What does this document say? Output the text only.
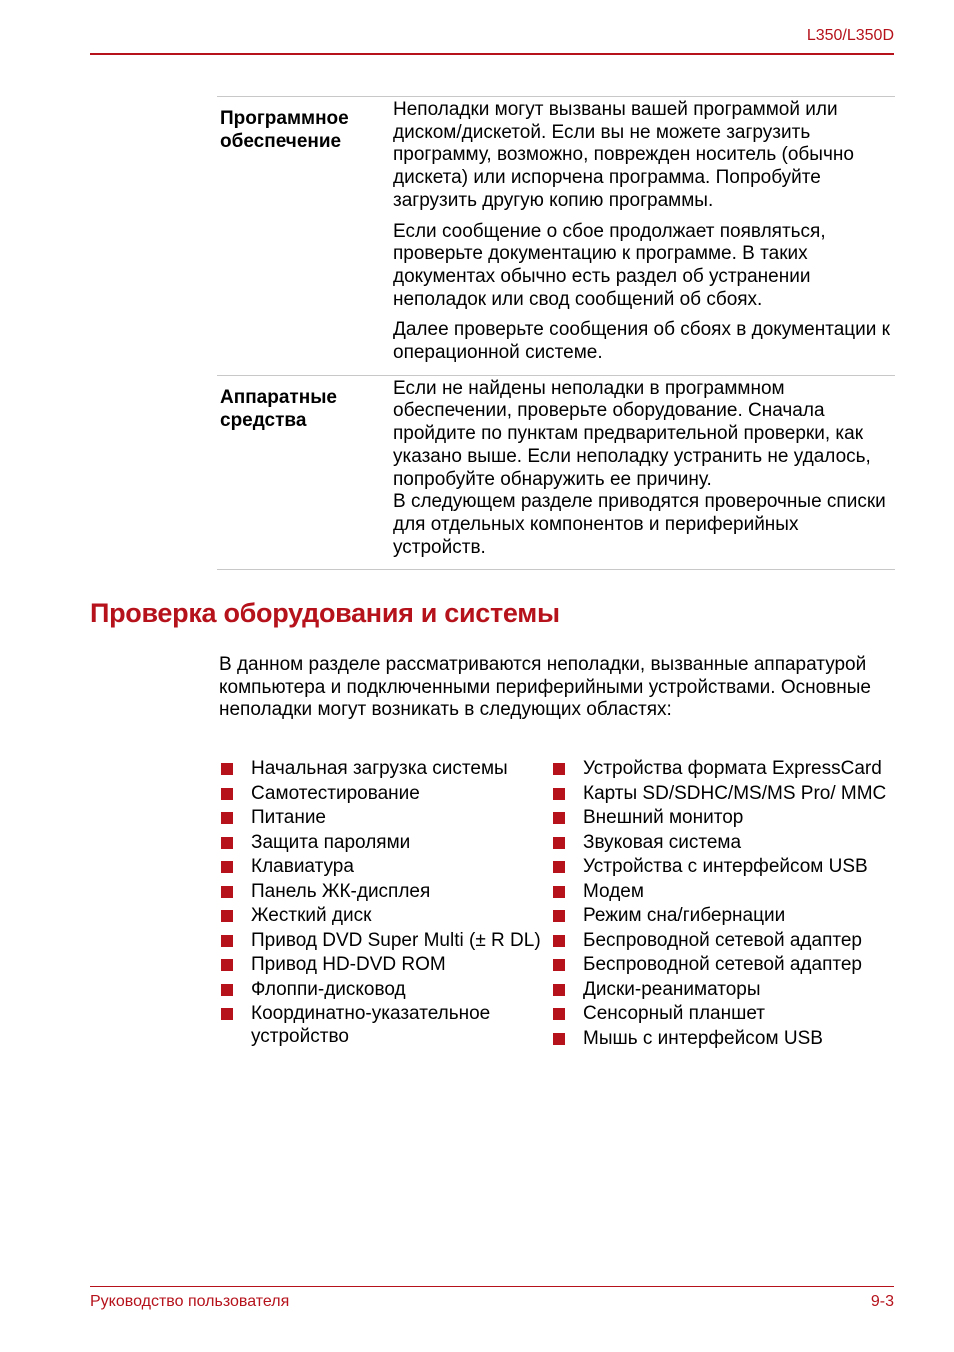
L350/L350D
Программное обеспечение

Неполадки могут вызваны вашей программой или диском/дискетой. Если вы не можете загрузить программу, возможно, поврежден носитель (обычно дискета) или испорчена программа. Попробуйте загрузить другую копию программы.

Если сообщение о сбое продолжает появляться, проверьте документацию к программе. В таких документах обычно есть раздел об устранении неполадок или свод сообщений об сбоях.

Далее проверьте сообщения об сбоях в документации к операционной системе.

Аппаратные средства

Если не найдены неполадки в программном обеспечении, проверьте оборудование. Сначала пройдите по пунктам предварительной проверки, как указано выше. Если неполадку устранить не удалось, попробуйте обнаружить ее причину.

В следующем разделе приводятся проверочные списки для отдельных компонентов и периферийных устройств.

Проверка оборудования и системы

В данном разделе рассматриваются неполадки, вызванные аппаратурой компьютера и подключенными периферийными устройствами. Основные неполадки могут возникать в следующих областях:

Начальная загрузка системы
Самотестирование
Питание
Защита паролями
Клавиатура
Панель ЖК-дисплея
Жесткий диск
Привод DVD Super Multi (± R DL)
Привод HD-DVD ROM
Флоппи-дисковод
Координатно-указательное устройство
Устройства формата ExpressCard
Карты SD/SDHC/MS/MS Pro/ MMC
Внешний монитор
Звуковая система
Устройства с интерфейсом USB
Модем
Режим сна/гибернации
Беспроводной сетевой адаптер
Беспроводной сетевой адаптер
Диски-реаниматоры
Сенсорный планшет
Мышь с интерфейсом USB
Руководство пользователя	9-3
